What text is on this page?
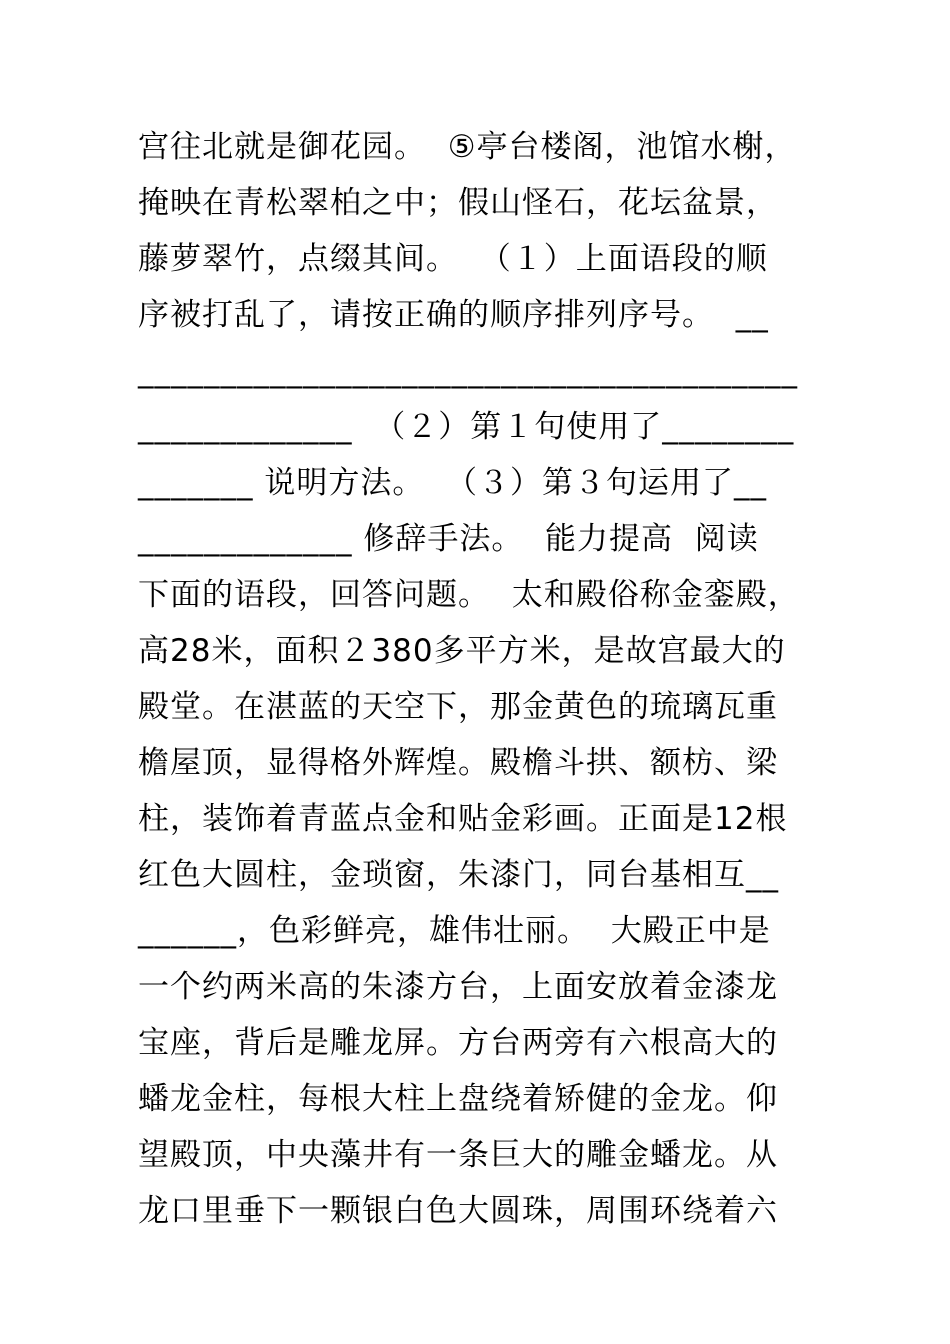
宫往北就是御花园。  ⑤亭台楼阁，池馆水榭，
掩映在青松翠柏之中；假山怪石，花坛盆景，
藤萝翠竹，点缀其间。  （１）上面语段的顺
序被打乱了，请按正确的顺序排列序号。  __
________________________________________
_____________  （２）第１句使用了________
_______ 说明方法。  （３）第３句运用了__
_____________ 修辞手法。  能力提高  阅读
下面的语段，回答问题。  太和殿俗称金銮殿，
高28米，面积２380多平方米，是故宫最大的
殿堂。在湛蓝的天空下，那金黄色的琉璃瓦重
檐屋顶，显得格外辉煌。殿檐斗拱、额枋、梁
柱，装饰着青蓝点金和贴金彩画。正面是12根
红色大圆柱，金琐窗，朱漆门，同台基相互__
______，色彩鲜亮，雄伟壮丽。  大殿正中是
一个约两米高的朱漆方台，上面安放着金漆龙
宝座，背后是雕龙屏。方台两旁有六根高大的
蟠龙金柱，每根大柱上盘绕着矫健的金龙。仰
望殿顶，中央藻井有一条巨大的雕金蟠龙。从
龙口里垂下一颗银白色大圆珠，周围环绕着六
